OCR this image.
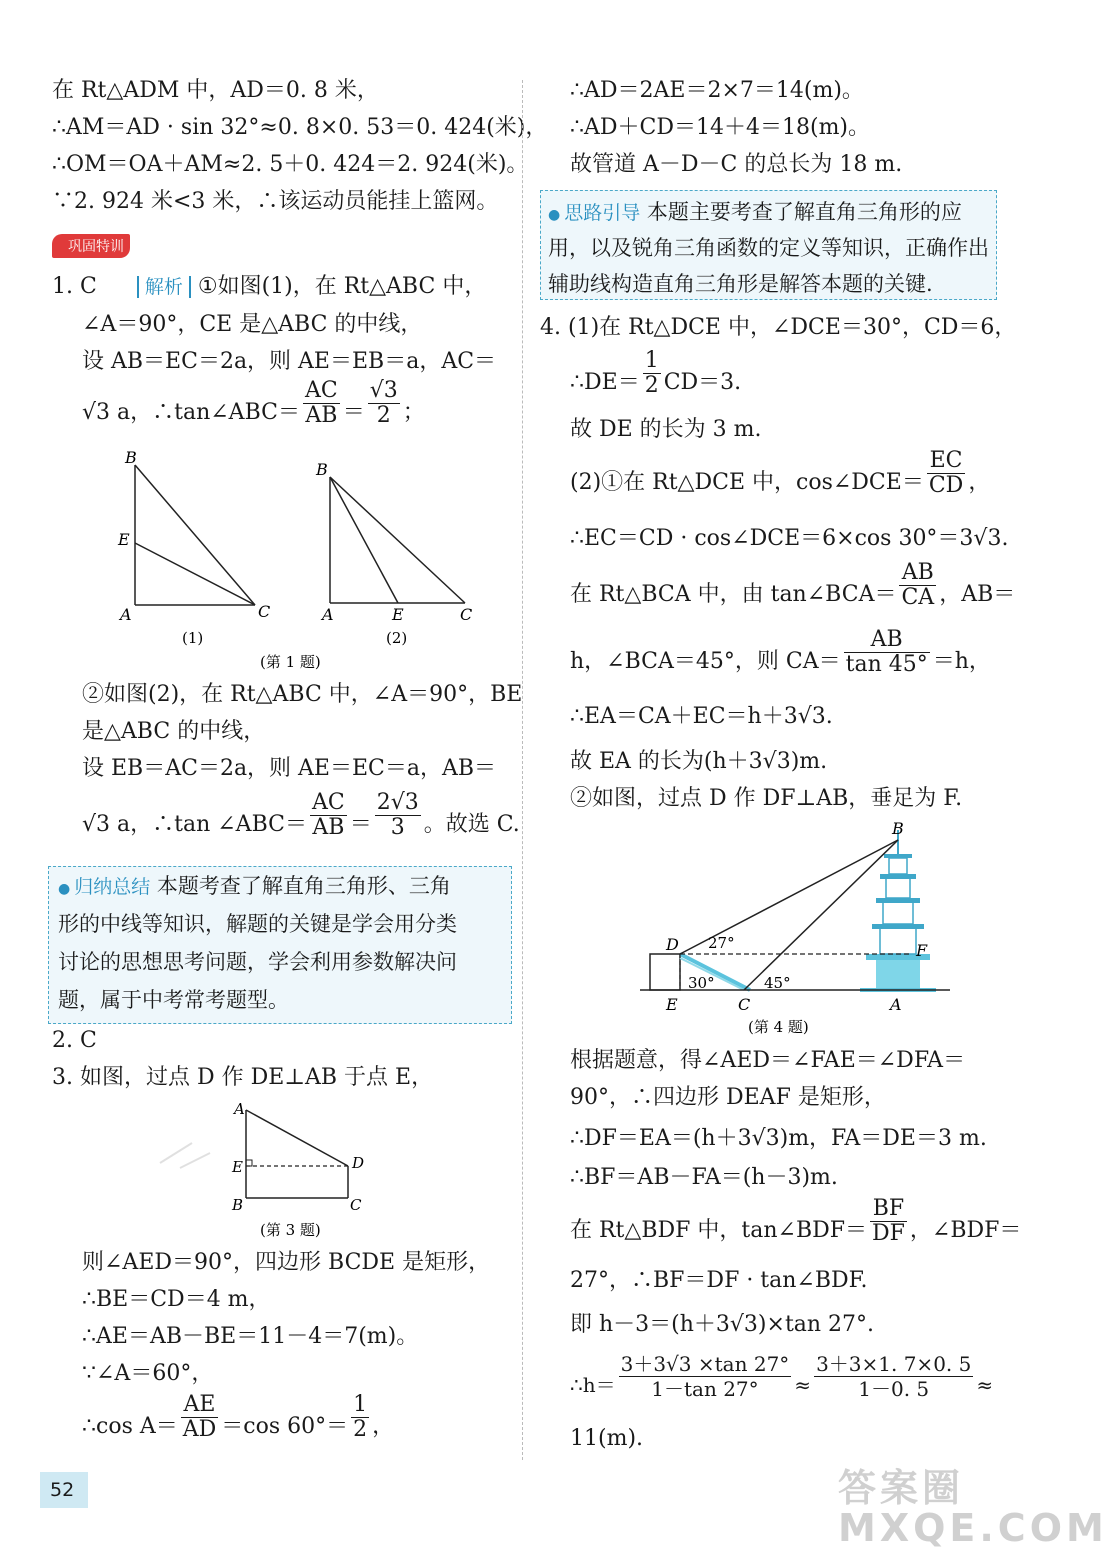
在 Rt△ADM 中，AD＝0. 8 米，
∴AM＝AD · sin 32°≈0. 8×0. 53＝0. 424(米)，
∴OM＝OA＋AM≈2. 5＋0. 424＝2. 924(米)。
∵2. 924 米<3 米，∴该运动员能挂上篮网。
巩固特训
1. C	解析 ①如图(1)，在 Rt△ABC 中，
∠A＝90°，CE 是△ABC 的中线，
设 AB＝EC＝2a，则 AE＝EB＝a，AC＝
√3 a，∴tan∠ABC＝ $\frac{AC}{AB} = \frac{√3}{2}$ ；
B
E
A	C
(1)
B
A	E	C
(2)
(第 1 题)
②如图(2)，在 Rt△ABC 中，∠A＝90°，BE
是△ABC 的中线，
设 EB＝AC＝2a，则 AE＝EC＝a，AB＝
√3 a，∴tan ∠ABC＝ $\frac{AC}{AB} = \frac{2√3}{3}$ 。故选 C.
● 归纳总结 本题考查了解直角三角形、三角
形的中线等知识，解题的关键是学会用分类
讨论的思想思考问题，学会利用参数解决问
题，属于中考常考题型。
2. C
3. 如图，过点 D 作 DE⊥AB 于点 E，
A
E	D
B	C
(第 3 题)
则∠AED＝90°，四边形 BCDE 是矩形，
∴BE＝CD＝4 m，
∴AE＝AB－BE＝11－4＝7(m)。
∵∠A＝60°，
∴cos $A= \frac{AE}{AD} =\cos$ $60^\circ= \frac{1}{2}$ ，
∴AD＝2AE＝2×7＝14(m)。
∴AD＋CD＝14＋4＝18(m)。
故管道 A－D－C 的总长为 18 m.
● 思路引导 本题主要考查了解直角三角形的应
用，以及锐角三角函数的定义等知识，正确作出
辅助线构造直角三角形是解答本题的关键.
4. (1)在 Rt△DCE 中，∠DCE＝30°，CD＝6，
∴DE＝ $\frac{1}{2} CD=3$.
故 DE 的长为 3 m.
(2)①在 Rt△DCE 中，cos∠DCE＝ $\frac{EC}{CD}$ ，
∴EC＝CD · cos∠DCE＝6×cos 30°＝3√3.
在 Rt△BCA 中，由 tan∠BCA＝ $\frac{AB}{CA}$ ，AB＝
h，∠BCA＝45°，则 $CA= \frac{AB}{\tan 45^\circ} =h$，
∴EA＝CA＋EC＝h＋3√3.
故 EA 的长为(h＋3√3)m.
②如图，过点 D 作 DF⊥AB，垂足为 F.
B
D 27°	F
30°	45°
E	C	A
(第 4 题)
根据题意，得∠AED＝∠FAE＝∠DFA＝
90°，∴四边形 DEAF 是矩形，
∴DF＝EA＝(h＋3√3)m，FA＝DE＝3 m.
∴BF＝AB－FA＝(h－3)m.
在 Rt△BDF 中，tan∠BDF＝ $\frac{BF}{DF}$ ，∠BDF＝
27°，∴BF＝DF · tan∠BDF.
即 h－3＝(h＋3√3)×tan 27°.
∴h＝ $\frac{3+3√3 \times\tan 27^\circ}{1-\tan 27^\circ} \approx \frac{3+3\times 1. 7\times 0. 5}{1-0. 5}$ ≈
11(m).
52	答案圈 MXQE.COM
